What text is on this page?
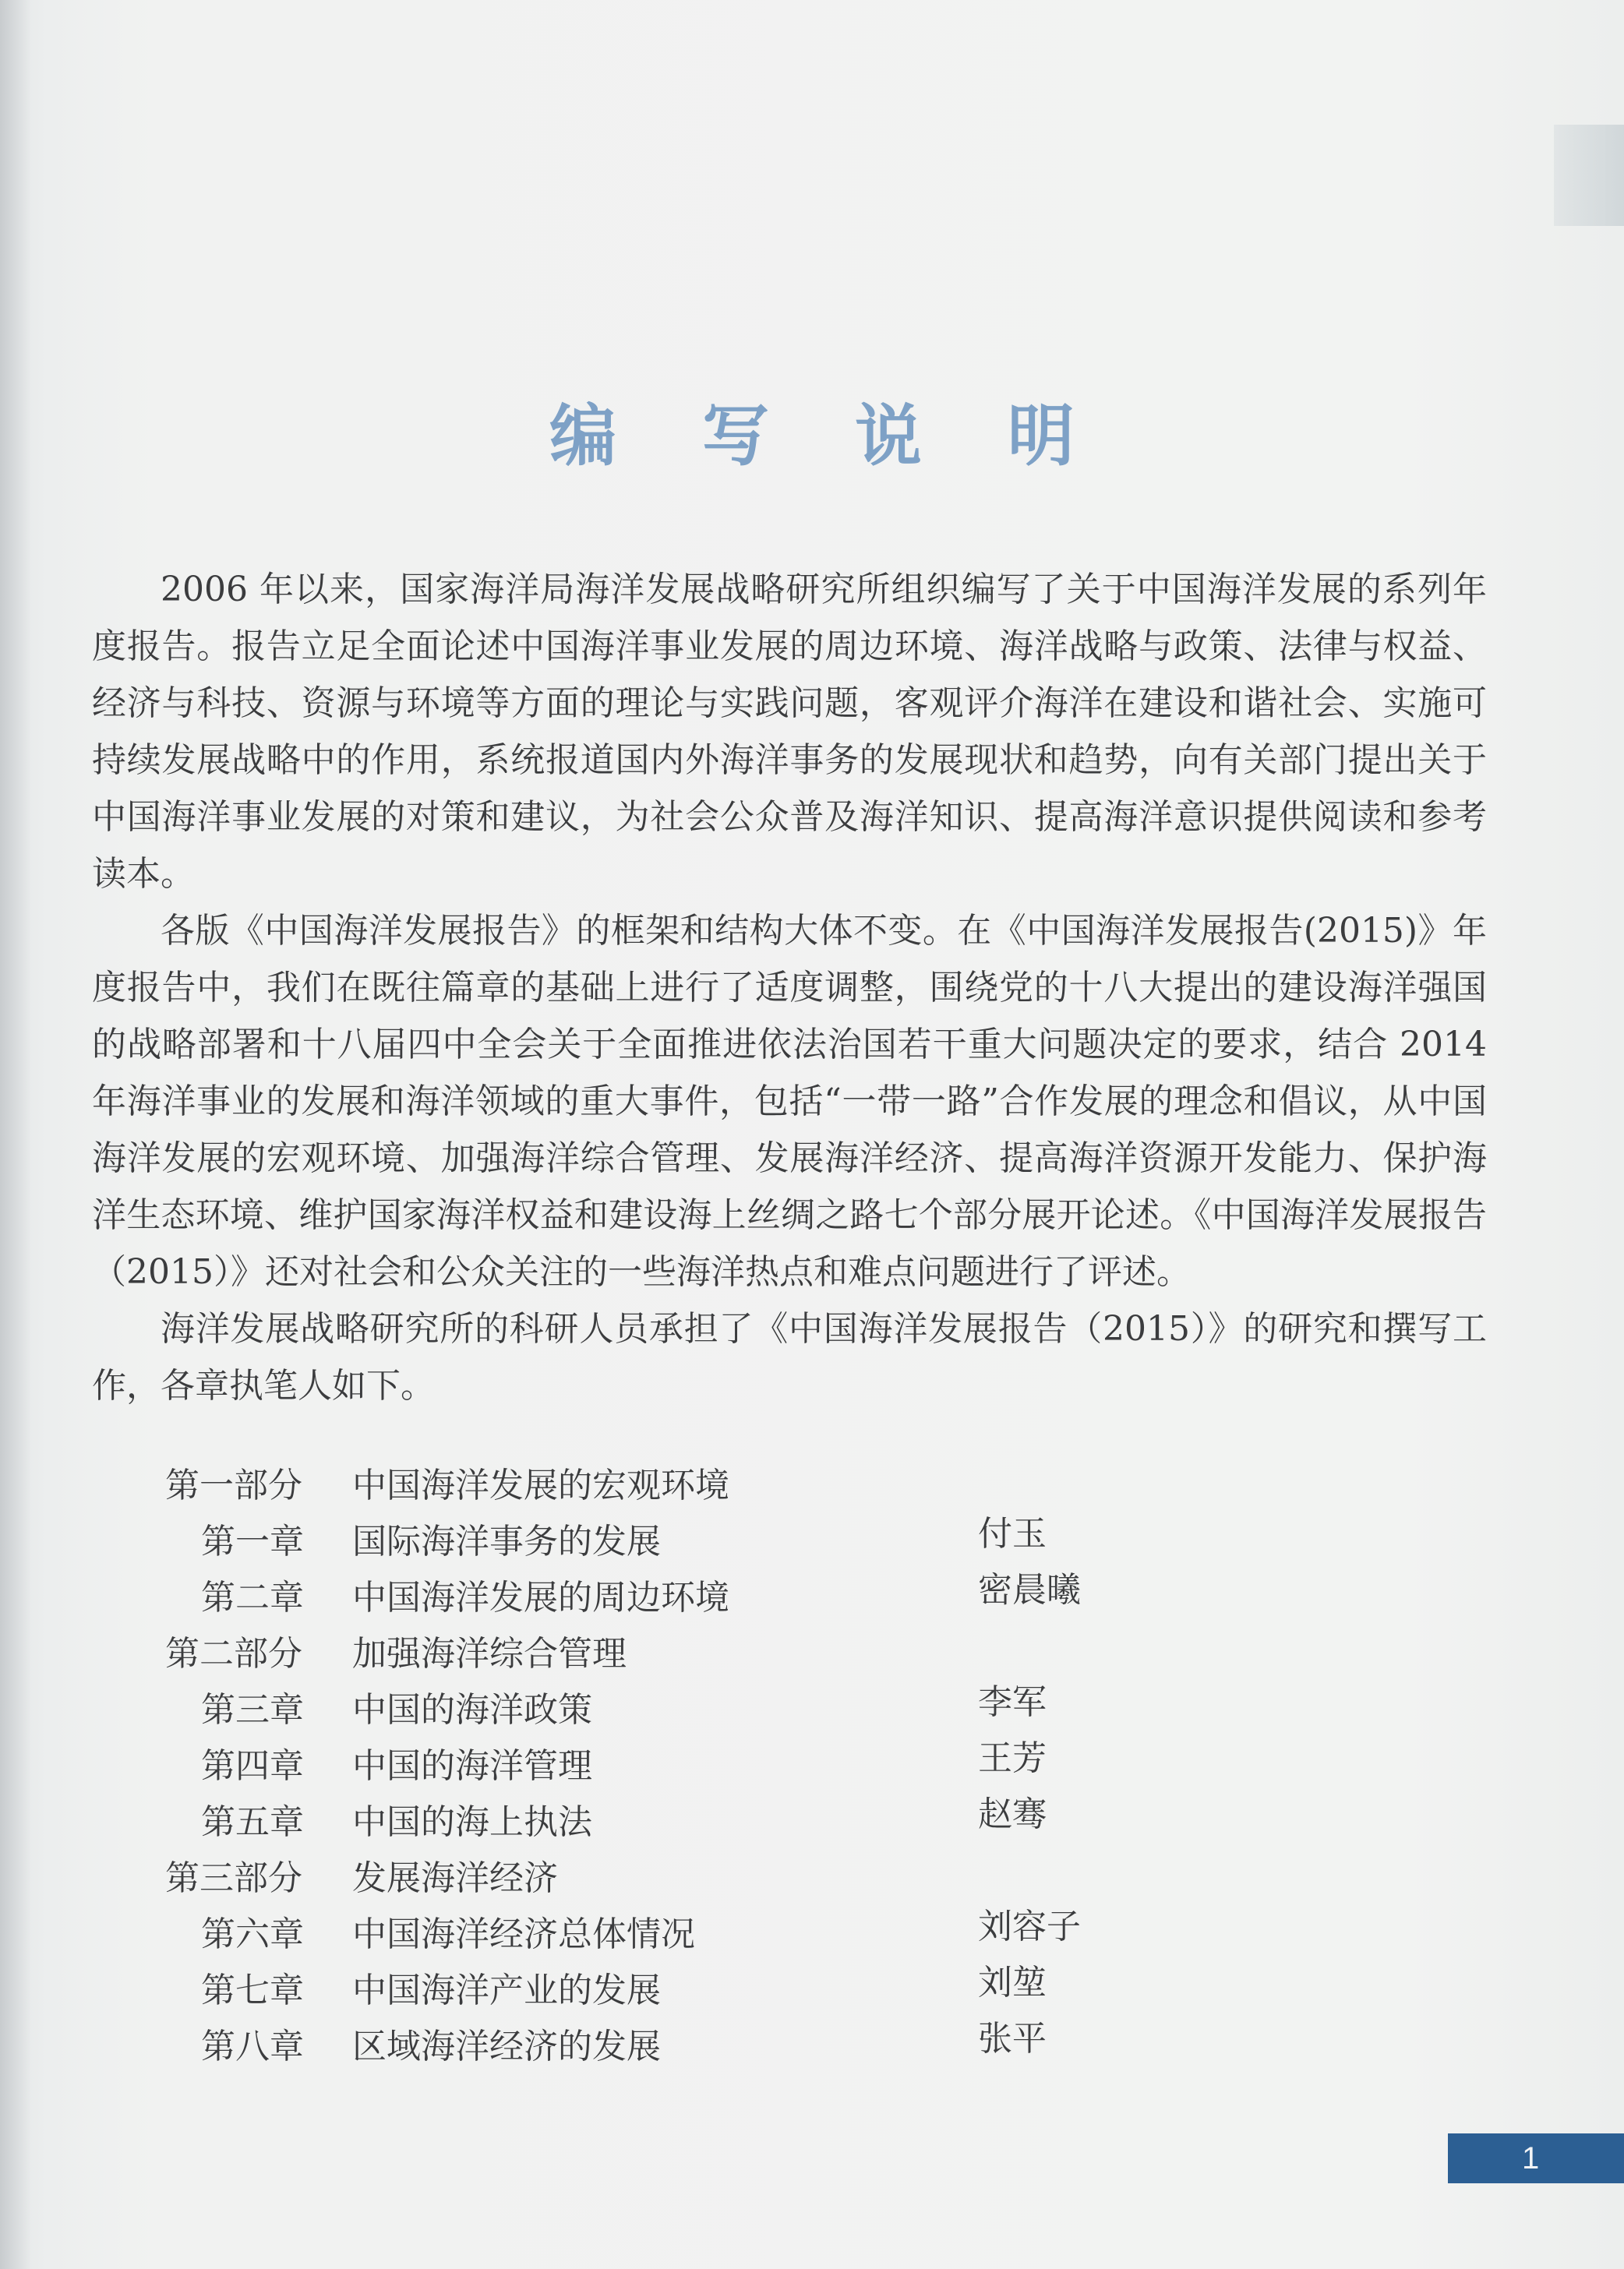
编 写 说 明

2006 年以来，国家海洋局海洋发展战略研究所组织编写了关于中国海洋发展的系列年度报告。报告立足全面论述中国海洋事业发展的周边环境、海洋战略与政策、法律与权益、经济与科技、资源与环境等方面的理论与实践问题，客观评介海洋在建设和谐社会、实施可持续发展战略中的作用，系统报道国内外海洋事务的发展现状和趋势，向有关部门提出关于中国海洋事业发展的对策和建议，为社会公众普及海洋知识、提高海洋意识提供阅读和参考读本。

各版《中国海洋发展报告》的框架和结构大体不变。在《中国海洋发展报告(2015)》年度报告中，我们在既往篇章的基础上进行了适度调整，围绕党的十八大提出的建设海洋强国的战略部署和十八届四中全会关于全面推进依法治国若干重大问题决定的要求，结合 2014 年海洋事业的发展和海洋领域的重大事件，包括“一带一路”合作发展的理念和倡议，从中国海洋发展的宏观环境、加强海洋综合管理、发展海洋经济、提高海洋资源开发能力、保护海洋生态环境、维护国家海洋权益和建设海上丝绸之路七个部分展开论述。《中国海洋发展报告（2015）》还对社会和公众关注的一些海洋热点和难点问题进行了评述。

海洋发展战略研究所的科研人员承担了《中国海洋发展报告（2015）》的研究和撰写工作，各章执笔人如下。

第一部分 中国海洋发展的宏观环境
第一章 国际海洋事务的发展	付玉
第二章 中国海洋发展的周边环境	密晨曦
第二部分 加强海洋综合管理
第三章 中国的海洋政策	李军
第四章 中国的海洋管理	王芳
第五章 中国的海上执法	赵骞
第三部分 发展海洋经济
第六章 中国海洋经济总体情况	刘容子
第七章 中国海洋产业的发展	刘堃
第八章 区域海洋经济的发展	张平
1
